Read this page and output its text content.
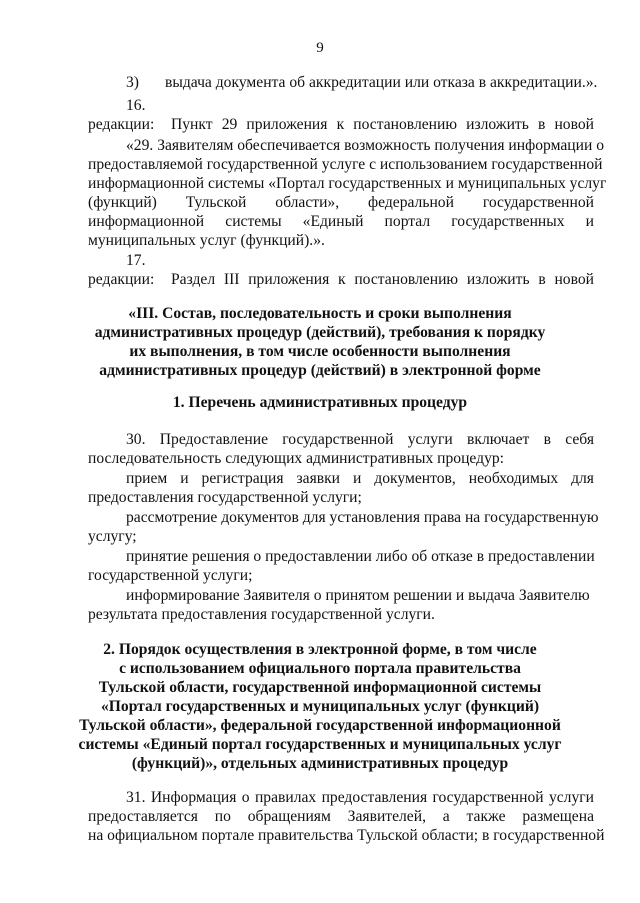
9
3) выдача документа об аккредитации или отказа в аккредитации.».
16.
Пункт 29 приложения к постановлению изложить в новой
редакции:
«29. Заявителям обеспечивается возможность получения информации о
предоставляемой государственной услуге с использованием государственной
информационной системы «Портал государственных и муниципальных услуг
(функций) Тульской области», федеральной государственной
информационной системы «Единый портал государственных и
муниципальных услуг (функций).».
17.
Раздел III приложения к постановлению изложить в новой
редакции:
«III. Состав, последовательность и сроки выполнения
административных процедур (действий), требования к порядку
их выполнения, в том числе особенности выполнения
административных процедур (действий) в электронной форме
1. Перечень административных процедур
30. Предоставление государственной услуги включает в себя
последовательность следующих административных процедур:
прием и регистрация заявки и документов, необходимых для
предоставления государственной услуги;
рассмотрение документов для установления права на государственную
услугу;
принятие решения о предоставлении либо об отказе в предоставлении
государственной услуги;
информирование Заявителя о принятом решении и выдача Заявителю
результата предоставления государственной услуги.
2. Порядок осуществления в электронной форме, в том числе
с использованием официального портала правительства
Тульской области, государственной информационной системы
«Портал государственных и муниципальных услуг (функций)
Тульской области», федеральной государственной информационной
системы «Единый портал государственных и муниципальных услуг
(функций)», отдельных административных процедур
31. Информация о правилах предоставления государственной услуги
предоставляется по обращениям Заявителей, а также размещена
на официальном портале правительства Тульской области; в государственной
